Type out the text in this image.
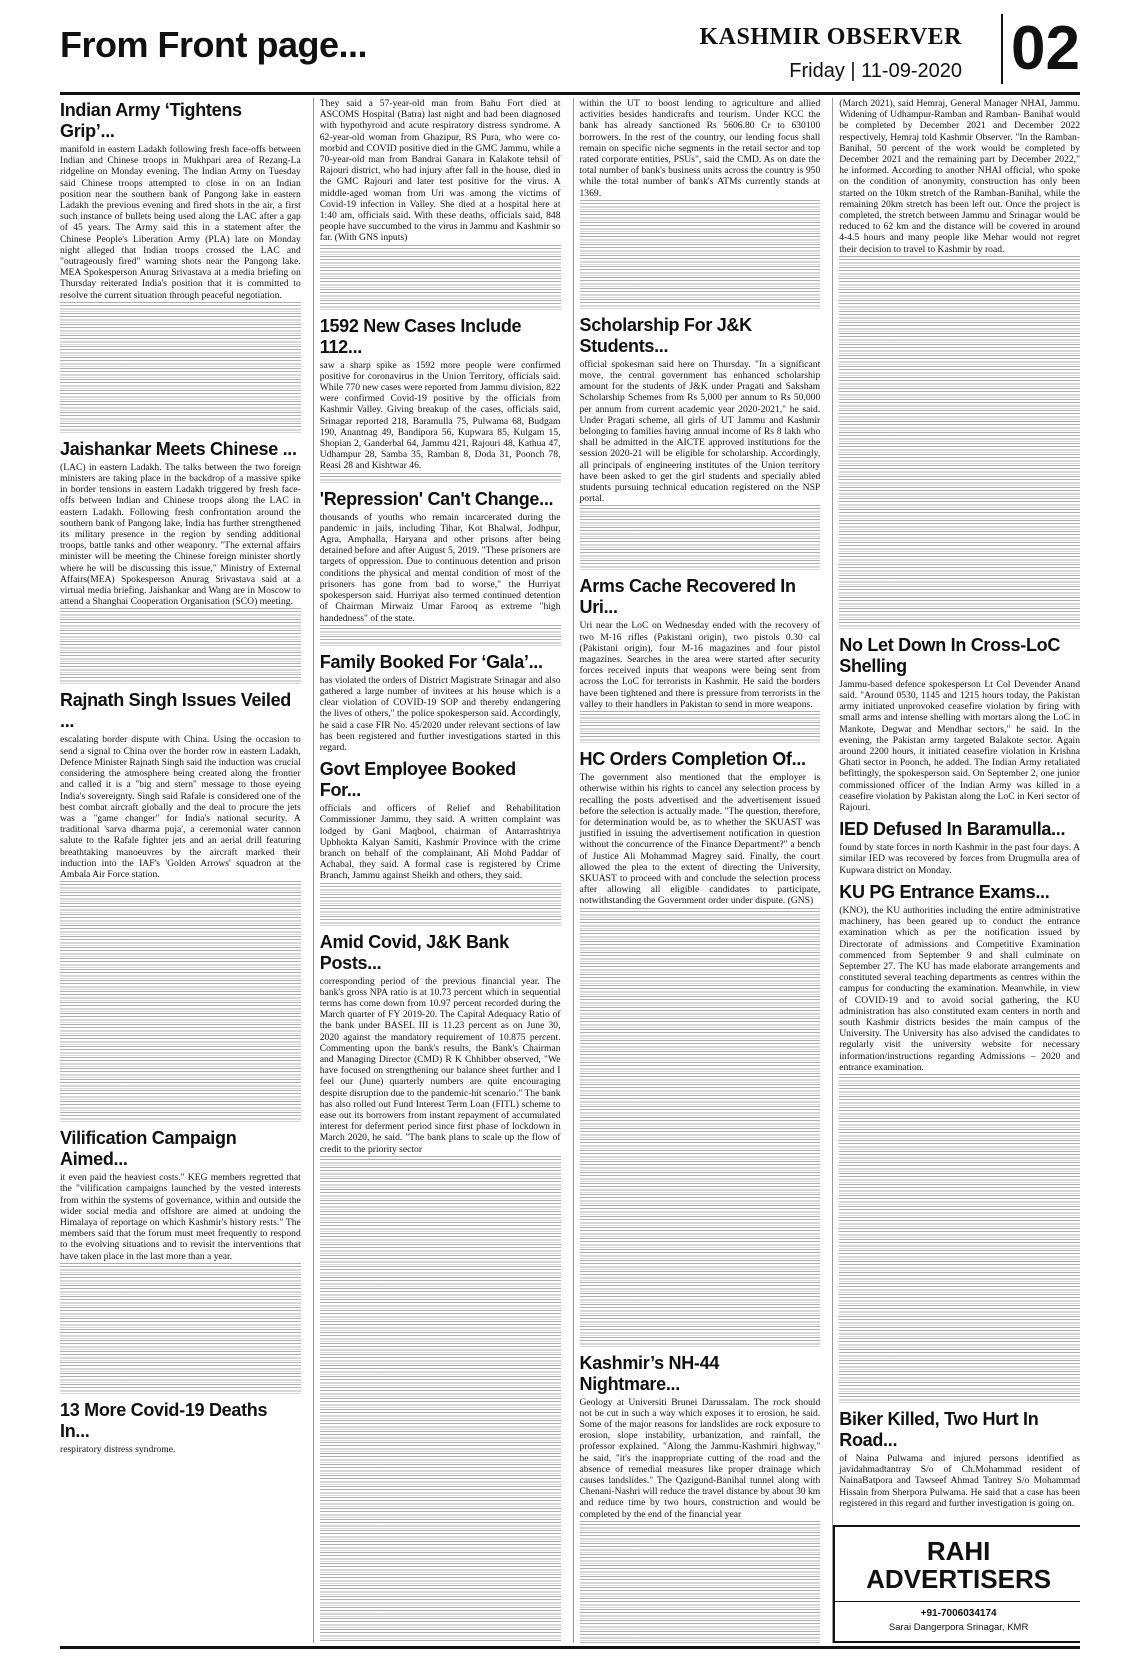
From Front page...	KASHMIR OBSERVER
Friday | 11-09-2020 02
Indian Army ‘Tightens Grip’...

manifold in eastern Ladakh following fresh face-offs between Indian and Chinese troops in Mukhpari area of Rezang-La ridgeline on Monday evening. The Indian Army on Tuesday said Chinese troops attempted to close in on an Indian position near the southern bank of Pangong lake in eastern Ladakh the previous evening and fired shots in the air, a first such instance of bullets being used along the LAC after a gap of 45 years. The Army said this in a statement after the Chinese People's Liberation Army (PLA) late on Monday night alleged that Indian troops crossed the LAC and "outrageously fired" warning shots near the Pangong lake. MEA Spokesperson Anurag Srivastava at a media briefing on Thursday reiterated India's position that it is committed to resolve the current situation through peaceful negotiation.

Jaishankar Meets Chinese ...

(LAC) in eastern Ladakh. The talks between the two foreign ministers are taking place in the backdrop of a massive spike in border tensions in eastern Ladakh triggered by fresh face-offs between Indian and Chinese troops along the LAC in eastern Ladakh. Following fresh confrontation around the southern bank of Pangong lake, India has further strengthened its military presence in the region by sending additional troops, battle tanks and other weaponry. "The external affairs minister will be meeting the Chinese foreign minister shortly where he will be discussing this issue," Ministry of External Affairs(MEA) Spokesperson Anurag Srivastava said at a virtual media briefing. Jaishankar and Wang are in Moscow to attend a Shanghai Cooperation Organisation (SCO) meeting.

Rajnath Singh Issues Veiled ...

escalating border dispute with China. Using the occasion to send a signal to China over the border row in eastern Ladakh, Defence Minister Rajnath Singh said the induction was crucial considering the atmosphere being created along the frontier and called it is a "big and stern" message to those eyeing India's sovereignty. Singh said Rafale is considered one of the best combat aircraft globally and the deal to procure the jets was a "game changer" for India's national security. A traditional 'sarva dharma puja', a ceremonial water cannon salute to the Rafale fighter jets and an aerial drill featuring breathtaking manoeuvres by the aircraft marked their induction into the IAF's 'Golden Arrows' squadron at the Ambala Air Force station.

Vilification Campaign Aimed...

it even paid the heaviest costs." KEG members regretted that the "vilification campaigns launched by the vested interests from within the systems of governance, within and outside the wider social media and offshore are aimed at undoing the Himalaya of reportage on which Kashmir's history rests." The members said that the forum must meet frequently to respond to the evolving situations and to revisit the interventions that have taken place in the last more than a year.

13 More Covid-19 Deaths In...

respiratory distress syndrome.

They said a 57-year-old man from Bahu Fort died at ASCOMS Hospital (Batra) last night and had been diagnosed with hypothyroid and acute respiratory distress syndrome. A 62-year-old woman from Ghazipur, RS Pura, who were co-morbid and COVID positive died in the GMC Jammu, while a 70-year-old man from Bandrai Ganara in Kalakote tehsil of Rajouri district, who had injury after fall in the house, died in the GMC Rajouri and later test positive for the virus. A middle-aged woman from Uri was among the victims of Covid-19 infection in Valley. She died at a hospital here at 1:40 am, officials said. With these deaths, officials said, 848 people have succumbed to the virus in Jammu and Kashmir so far. (With GNS inputs)

1592 New Cases Include 112...

saw a sharp spike as 1592 more people were confirmed positive for coronavirus in the Union Territory, officials said. While 770 new cases were reported from Jammu division, 822 were confirmed Covid-19 positive by the officials from Kashmir Valley. Giving breakup of the cases, officials said, Srinagar reported 218, Baramulla 75, Pulwama 68, Budgam 190, Anantnag 49, Bandipora 56, Kupwara 85, Kulgam 15, Shopian 2, Ganderbal 64, Jammu 421, Rajouri 48, Kathua 47, Udhampur 28, Samba 35, Ramban 8, Doda 31, Poonch 78, Reasi 28 and Kishtwar 46.

'Repression' Can't Change...

thousands of youths who remain incarcerated during the pandemic in jails, including Tihar, Kot Bhalwal, Jodhpur, Agra, Amphalla, Haryana and other prisons after being detained before and after August 5, 2019. "These prisoners are targets of oppression. Due to continuous detention and prison conditions the physical and mental condition of most of the prisoners has gone from bad to worse," the Hurriyat spokesperson said. Hurriyat also termed continued detention of Chairman Mirwaiz Umar Farooq as extreme "high handedness" of the state.

Family Booked For ‘Gala’...

has violated the orders of District Magistrate Srinagar and also gathered a large number of invitees at his house which is a clear violation of COVID-19 SOP and thereby endangering the lives of others," the police spokesperson said. Accordingly, he said a case FIR No. 45/2020 under relevant sections of law has been registered and further investigations started in this regard.

Govt Employee Booked For...

officials and officers of Relief and Rehabilitation Commissioner Jammu, they said. A written complaint was lodged by Gani Maqbool, chairman of Antarrashtriya Upbhokta Kalyan Samiti, Kashmir Province with the crime branch on behalf of the complainant, Ali Mohd Paddar of Achabal, they said. A formal case is registered by Crime Branch, Jammu against Sheikh and others, they said.

Amid Covid, J&K Bank Posts...

corresponding period of the previous financial year. The bank's gross NPA ratio is at 10.73 percent which in sequential terms has come down from 10.97 percent recorded during the March quarter of FY 2019-20. The Capital Adequacy Ratio of the bank under BASEL III is 11.23 percent as on June 30, 2020 against the mandatory requirement of 10.875 percent. Commenting upon the bank's results, the Bank's Chairman and Managing Director (CMD) R K Chhibber observed, "We have focused on strengthening our balance sheet further and I feel our (June) quarterly numbers are quite encouraging despite disruption due to the pandemic-hit scenario." The bank has also rolled out Fund Interest Term Loan (FITL) scheme to ease out its borrowers from instant repayment of accumulated interest for deferment period since first phase of lockdown in March 2020, he said. "The bank plans to scale up the flow of credit to the priority sector

within the UT to boost lending to agriculture and allied activities besides handicrafts and tourism. Under KCC the bank has already sanctioned Rs 5606.80 Cr to 630100 borrowers. In the rest of the country, our lending focus shall remain on specific niche segments in the retail sector and top rated corporate entities, PSUs", said the CMD. As on date the total number of bank's business units across the country is 950 while the total number of bank's ATMs currently stands at 1369.

Scholarship For J&K Students...

official spokesman said here on Thursday. "In a significant move, the central government has enhanced scholarship amount for the students of J&K under Pragati and Saksham Scholarship Schemes from Rs 5,000 per annum to Rs 50,000 per annum from current academic year 2020-2021," he said. Under Pragati scheme, all girls of UT Jammu and Kashmir belonging to families having annual income of Rs 8 lakh who shall be admitted in the AICTE approved institutions for the session 2020-21 will be eligible for scholarship. Accordingly, all principals of engineering institutes of the Union territory have been asked to get the girl students and specially abled students pursuing technical education registered on the NSP portal.

Arms Cache Recovered In Uri...

Uri near the LoC on Wednesday ended with the recovery of two M-16 rifles (Pakistani origin), two pistols 0.30 cal (Pakistani origin), four M-16 magazines and four pistol magazines. Searches in the area were started after security forces received inputs that weapons were being sent from across the LoC for terrorists in Kashmir. He said the borders have been tightened and there is pressure from terrorists in the valley to their handlers in Pakistan to send in more weapons.

HC Orders Completion Of...

The government also mentioned that the employer is otherwise within his rights to cancel any selection process by recalling the posts advertised and the advertisement issued before the selection is actually made. "The question, therefore, for determination would be, as to whether the SKUAST was justified in issuing the advertisement notification in question without the concurrence of the Finance Department?" a bench of Justice Ali Mohammad Magrey said. Finally, the court allowed the plea to the extent of directing the University, SKUAST to proceed with and conclude the selection process after allowing all eligible candidates to participate, notwithstanding the Government order under dispute. (GNS)

Kashmir’s NH-44 Nightmare...

Geology at Universiti Brunei Darussalam. The rock should not be cut in such a way which exposes it to erosion, he said. Some of the major reasons for landslides are rock exposure to erosion, slope instability, urbanization, and rainfall, the professor explained. "Along the Jammu-Kashmiri highway," he said, "it's the inappropriate cutting of the road and the absence of remedial measures like proper drainage which causes landslides." The Qazigund-Banihal tunnel along with Chenani-Nashri will reduce the travel distance by about 30 km and reduce time by two hours, construction and would be completed by the end of the financial year

(March 2021), said Hemraj, General Manager NHAI, Jammu. Widening of Udhampur-Ramban and Ramban- Banihal would be completed by December 2021 and December 2022 respectively, Hemraj told Kashmir Observer. "In the Ramban-Banihal, 50 percent of the work would be completed by December 2021 and the remaining part by December 2022," he informed. According to another NHAI official, who spoke on the condition of anonymity, construction has only been started on the 10km stretch of the Ramban-Banihal, while the remaining 20km stretch has been left out. Once the project is completed, the stretch between Jammu and Srinagar would be reduced to 62 km and the distance will be covered in around 4-4.5 hours and many people like Mehar would not regret their decision to travel to Kashmir by road.

No Let Down In Cross-LoC Shelling

Jammu-based defence spokesperson Lt Col Devender Anand said. "Around 0530, 1145 and 1215 hours today, the Pakistan army initiated unprovoked ceasefire violation by firing with small arms and intense shelling with mortars along the LoC in Mankote, Degwar and Mendhar sectors," he said. In the evening, the Pakistan army targeted Balakote sector. Again around 2200 hours, it initiated ceasefire violation in Krishna Ghati sector in Poonch, he added. The Indian Army retaliated befittingly, the spokesperson said. On September 2, one junior commissioned officer of the Indian Army was killed in a ceasefire violation by Pakistan along the LoC in Keri sector of Rajouri.

IED Defused In Baramulla...

found by state forces in north Kashmir in the past four days. A similar IED was recovered by forces from Drugmulla area of Kupwara district on Monday.

KU PG Entrance Exams...

(KNO), the KU authorities including the entire administrative machinery, has been geared up to conduct the entrance examination which as per the notification issued by Directorate of admissions and Competitive Examination commenced from September 9 and shall culminate on September 27. The KU has made elaborate arrangements and constituted several teaching departments as centres within the campus for conducting the examination. Meanwhile, in view of COVID-19 and to avoid social gathering, the KU administration has also constituted exam centers in north and south Kashmir districts besides the main campus of the University. The University has also advised the candidates to regularly visit the university website for necessary information/instructions regarding Admissions – 2020 and entrance examination.

Biker Killed, Two Hurt In Road...

of Naina Pulwama and injured persons identified as javidahmadtantray S/o of Ch.Mohammad resident of NainaBatpora and Tawseef Ahmad Tantrey S/o Mohammad Hissain from Sherpora Pulwama. He said that a case has been registered in this regard and further investigation is going on.

RAHI
ADVERTISERS
+91-7006034174
Sarai Dangerpora Srinagar, KMR
